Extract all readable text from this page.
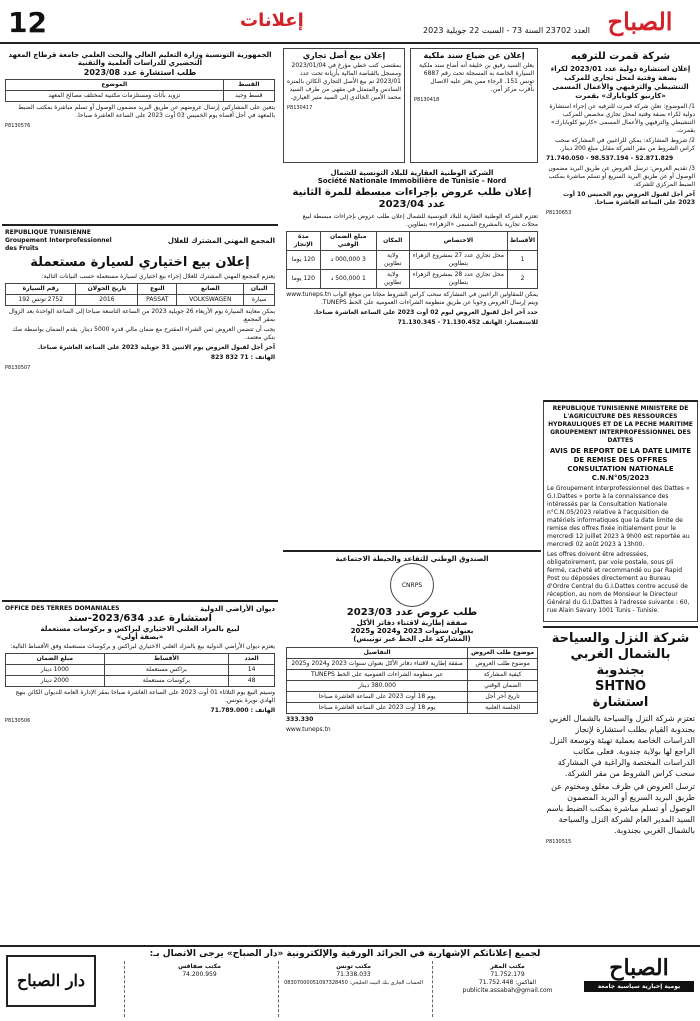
12	إعلانات	العدد 23702 السنة 73 - السبت 22 جويلية 2023 الصباح
شركة قمرت للترفيه
إعلان استشارة دولية عدد 2023/01 لكراء بصفة وقتية لمحل تجاري للمركب التنشيطي والترفيهي والأعمال المسمى «كارنيو كلوبابارك» بقمرت
1/ الموضوع: تعلن شركة قمرت للترفيه عن إجراء استشارة دولية لكراء بصفة وقتية لمحل تجاري مخصص للمركب التنشيطي والترفيهي والأعمال المسمى «كارنيو كلوبابارك» بقمرت.
2/ شروط المشاركة: يمكن للراغبين في المشاركة سحب كراس الشروط من مقر الشركة مقابل مبلغ 200 دينار.
71.740.050 - 98.537.194 - 52.871.829
3/ تقديم العروض: ترسل العروض عن طريق البريد مضمون الوصول أو عن طريق البريد السريع أو تسلم مباشرة بمكتب الضبط المركزي للشركة.
آخر أجل لقبول العروض يوم الخميس 10 أوت 2023 على الساعة العاشرة صباحا.
P8130653
REPUBLIQUE TUNISIENNE MINISTERE DE L'AGRICULTURE DES RESSOURCES HYDRAULIQUES ET DE LA PECHE MARITIME
GROUPEMENT INTERPROFESSIONNEL DES DATTES
AVIS DE REPORT DE LA DATE LIMITE DE REMISE DES OFFRES CONSULTATION NATIONALE C.N.N°05/2023
Le Groupement Interprofessionnel des Dattes « G.I.Dattes » porte à la connaissance des intéressés par la Consultation Nationale n°C.N.05/2023 relative à l'acquisition de matériels informatiques que la date limite de remise des offres fixée initialement pour le mercredi 12 juillet 2023 à 9h00 est reportée au mercredi 02 août 2023 à 13h00.
Les offres doivent être adressées, obligatoirement, par voie postale, sous pli fermé, cacheté et recommandé ou par Rapid Post ou déposées directement au Bureau d'Ordre Central du G.I.Dattes contre accusé de réception, au nom de Monsieur le Directeur Général du G.I.Dattes à l'adresse suivante : 60, rue Alain Savary 1001 Tunis - Tunisie.
شركة النزل والسياحة
بالشمال الغربي بجندوبة
SHTNO
استشارة
تعتزم شركة النزل والسياحة بالشمال الغربي بجندوبة القيام بطلب استشارة لإنجاز الدراسات الخاصة بعملية تهيئة وتوسعة النزل الراجع لها بولاية جندوبة. فعلى مكاتب الدراسات المختصة والراغبة في المشاركة سحب كراس الشروط من مقر الشركة.
ترسل العروض في ظرف مغلق ومختوم عن طريق البريد السريع أو البريد المضمون الوصول أو تسلم مباشرة بمكتب الضبط باسم السيد المدير العام لشركة النزل والسياحة بالشمال الغربي بجندوبة.
P8130515
إعلان بيع أصل تجاري
بمقتضى كتب خطي مؤرخ في 2023/01/04 ومسجل بالقباضة المالية بأريانة تحت عدد 2023/01 تم بيع الأصل التجاري الكائن بالمنزه السادس والمتمثل في مقهى من طرف السيد محمد الأمين الخالدي إلى السيد منير العياري.
P8130417
الشركة الوطنية العقارية للبلاد التونسية للشمال
Société Nationale Immobilière de Tunisie - Nord
إعلان طلب عروض بإجراءات مبسطة للمرة الثانية عدد 2023/04
تعتزم الشركة الوطنية العقارية للبلاد التونسية للشمال إعلان طلب عروض بإجراءات مبسطة لبيع محلات تجارية بالمشروع المسمى «الزهراء» بتطاوين.
الأقساط	الاختصاص	المكان	مبلغ الضمان الوقتي	مدة الإنجاز
1	محل تجاري عدد 27 بمشروع الزهراء بتطاوين	ولاية تطاوين	3 000,000 د	120 يوما
2	محل تجاري عدد 28 بمشروع الزهراء بتطاوين	ولاية تطاوين	1 500,000 د	120 يوما
يمكن للمقاولين الراغبين في المشاركة سحب كراس الشروط مجانا من موقع الواب www.tuneps.tn ويتم إرسال العروض وجوبا عن طريق منظومة الشراءات العمومية على الخط TUNEPS.
حدد آخر أجل لقبول العروض ليوم 02 أوت 2023 على الساعة العاشرة صباحا.
للاستفسار: الهاتف 71.130.452 - 71.130.345
إعلان عن ضياع سند ملكية
يعلن السيد رفيق بن خليفة أنه أضاع سند ملكية السيارة الخاصة به المسجلة تحت رقم 6887 تونس 151. الرجاء ممن يعثر عليه الاتصال بأقرب مركز أمن.
P8130418
الصندوق الوطني للتقاعد والحيطة الاجتماعية
CNRPS
طلب عروض عدد 2023/03
صفقة إطارية لاقتناء دفاتر الأكل
بعنوان سنوات 2023 و2024 و2025
(المشاركة على الخط عبر تونيبس)
موضوع طلب العروض	التفاصيل
موضوع طلب العروض	صفقة إطارية لاقتناء دفاتر الأكل بعنوان سنوات 2023 و2024 و2025
كيفية المشاركة	عبر منظومة الشراءات العمومية على الخط TUNEPS
الضمان الوقتي	380.000 دينار
تاريخ آخر أجل	يوم 18 أوت 2023 على الساعة العاشرة صباحا
الجلسة العلنية	يوم 18 أوت 2023 على الساعة العاشرة صباحا
333.330
www.tuneps.tn
الجمهورية التونسية وزارة التعليم العالي والبحث العلمي جامعة قرطاج المعهد التحضيري للدراسات العلمية والتقنية
طلب استشارة عدد 2023/08
القسط	الموضوع
قسط وحيد	تزويد بأثاث ومستلزمات مكتبية لمختلف مصالح المعهد
يتعين على المشاركين إرسال عروضهم عن طريق البريد مضمون الوصول أو تسلم مباشرة بمكتب الضبط بالمعهد في أجل أقصاه يوم الخميس 03 أوت 2023 على الساعة العاشرة صباحا.
P8130576
المجمع المهني المشترك للغلال
REPUBLIQUE TUNISIENNE Groupement Interprofessionnel des Fruits
إعلان بيع اختياري لسيارة مستعملة
يعتزم المجمع المهني المشترك للغلال إجراء بيع اختياري لسيارة مستعملة حسب البيانات التالية:
البيان	الصانع	النوع	تاريخ الجولان	رقم السيارة
سيارة	VOLKSWAGEN	PASSAT	2016	2752 تونس 192
يمكن معاينة السيارة يوم الأربعاء 26 جويلية 2023 من الساعة التاسعة صباحا إلى الساعة الواحدة بعد الزوال بمقر المجمع.
يجب أن تتضمن العروض ثمن الشراء المقترح مع ضمان مالي قدره 5000 دينار. يقدم الضمان بواسطة صك بنكي معتمد.
آخر أجل لقبول العروض يوم الاثنين 31 جويلية 2023 على الساعة العاشرة صباحا.
الهاتف : 71 832 823
P8130507
ديوان الأراضي الدولية
OFFICE DES TERRES DOMANIALES
استشارة عدد 2023/634-سند
لبيع بالمزاد العلني الاختياري لبراكس و بركوسات مستعملة
«بصفة أولى»
يعتزم ديوان الأراضي الدولية بيع بالمزاد العلني الاختياري لبراكس و بركوسات مستعملة وفق الأقساط التالية:
العدد	الأقساط	مبلغ الضمان
14	براكس مستعملة	1000 دينار
48	بركوسات مستعملة	2000 دينار
وسيتم البيع يوم الثلاثاء 01 أوت 2023 على الساعة العاشرة صباحا بمقر الإدارة العامة للديوان الكائن بنهج الهادي نويرة بتونس.
الهاتف : 71.789.000
P8130506
لجميع إعلاناتكم الإشهارية في الجرائد الورقية والإلكترونية «دار الصباح» يرجى الاتصال بـ:
الصباح
يومية إخبارية سياسية جامعة
مكتب المقر
71.752.179
الفاكس: 71.752.448
publicite.assabah@gmail.com
مكتب تونس
71.338.033
الحساب الجاري بنك البيت الخليجي: 08307000051097328450
مكتب صفاقس
74.200.959
دار الصباح
